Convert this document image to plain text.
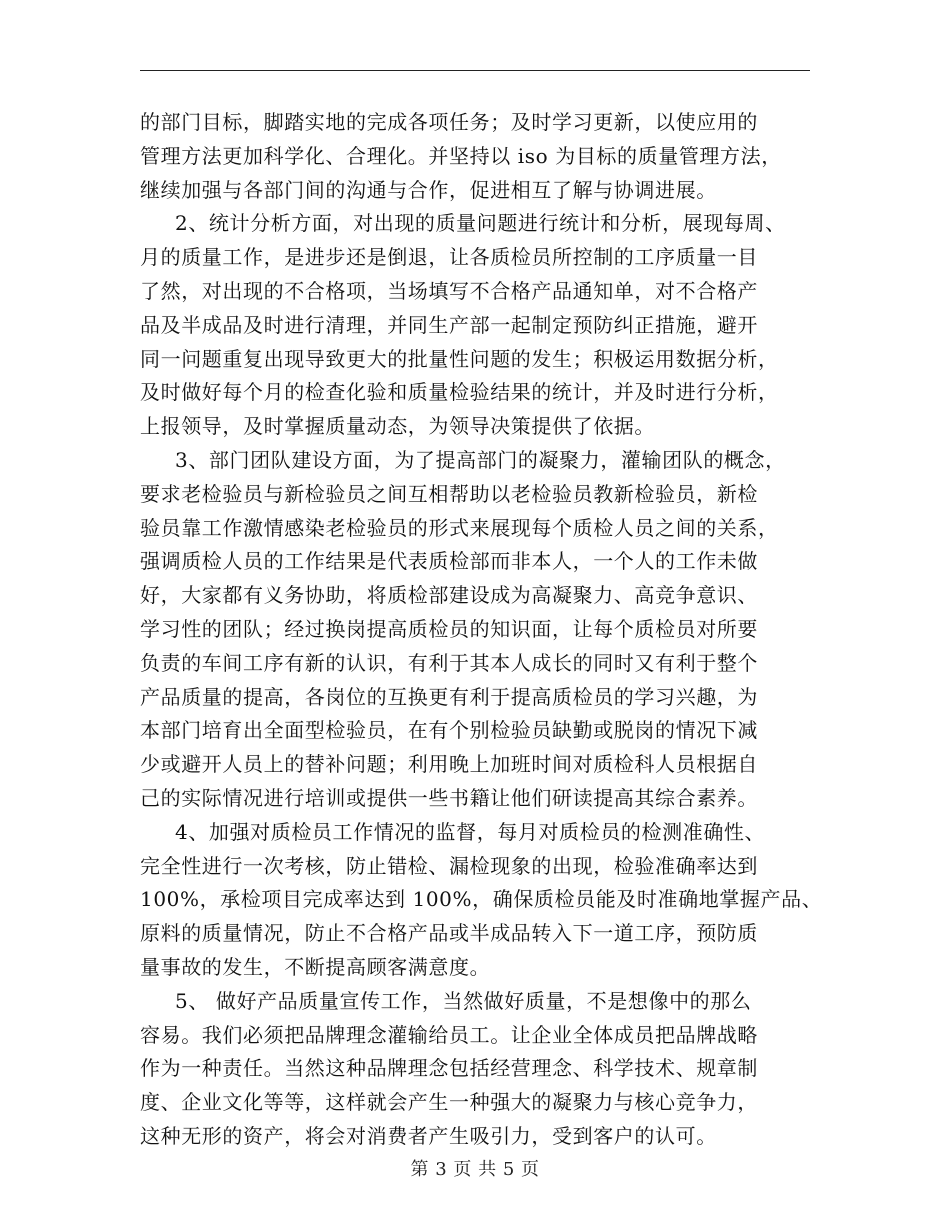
的部门目标，脚踏实地的完成各项任务；及时学习更新，以使应用的
管理方法更加科学化、合理化。并坚持以 iso 为目标的质量管理方法，
继续加强与各部门间的沟通与合作，促进相互了解与协调进展。
2、统计分析方面，对出现的质量问题进行统计和分析，展现每周、
月的质量工作，是进步还是倒退，让各质检员所控制的工序质量一目
了然，对出现的不合格项，当场填写不合格产品通知单，对不合格产
品及半成品及时进行清理，并同生产部一起制定预防纠正措施，避开
同一问题重复出现导致更大的批量性问题的发生；积极运用数据分析，
及时做好每个月的检查化验和质量检验结果的统计，并及时进行分析，
上报领导，及时掌握质量动态，为领导决策提供了依据。
3、部门团队建设方面，为了提高部门的凝聚力，灌输团队的概念，
要求老检验员与新检验员之间互相帮助以老检验员教新检验员，新检
验员靠工作激情感染老检验员的形式来展现每个质检人员之间的关系，
强调质检人员的工作结果是代表质检部而非本人，一个人的工作未做
好，大家都有义务协助，将质检部建设成为高凝聚力、高竞争意识、
学习性的团队；经过换岗提高质检员的知识面，让每个质检员对所要
负责的车间工序有新的认识，有利于其本人成长的同时又有利于整个
产品质量的提高，各岗位的互换更有利于提高质检员的学习兴趣，为
本部门培育出全面型检验员，在有个别检验员缺勤或脱岗的情况下减
少或避开人员上的替补问题；利用晚上加班时间对质检科人员根据自
己的实际情况进行培训或提供一些书籍让他们研读提高其综合素养。
4、加强对质检员工作情况的监督，每月对质检员的检测准确性、
完全性进行一次考核，防止错检、漏检现象的出现，检验准确率达到
100%，承检项目完成率达到 100%，确保质检员能及时准确地掌握产品、
原料的质量情况，防止不合格产品或半成品转入下一道工序，预防质
量事故的发生，不断提高顾客满意度。
5、 做好产品质量宣传工作，当然做好质量，不是想像中的那么
容易。我们必须把品牌理念灌输给员工。让企业全体成员把品牌战略
作为一种责任。当然这种品牌理念包括经营理念、科学技术、规章制
度、企业文化等等，这样就会产生一种强大的凝聚力与核心竞争力，
这种无形的资产，将会对消费者产生吸引力，受到客户的认可。
第 3 页 共 5 页
